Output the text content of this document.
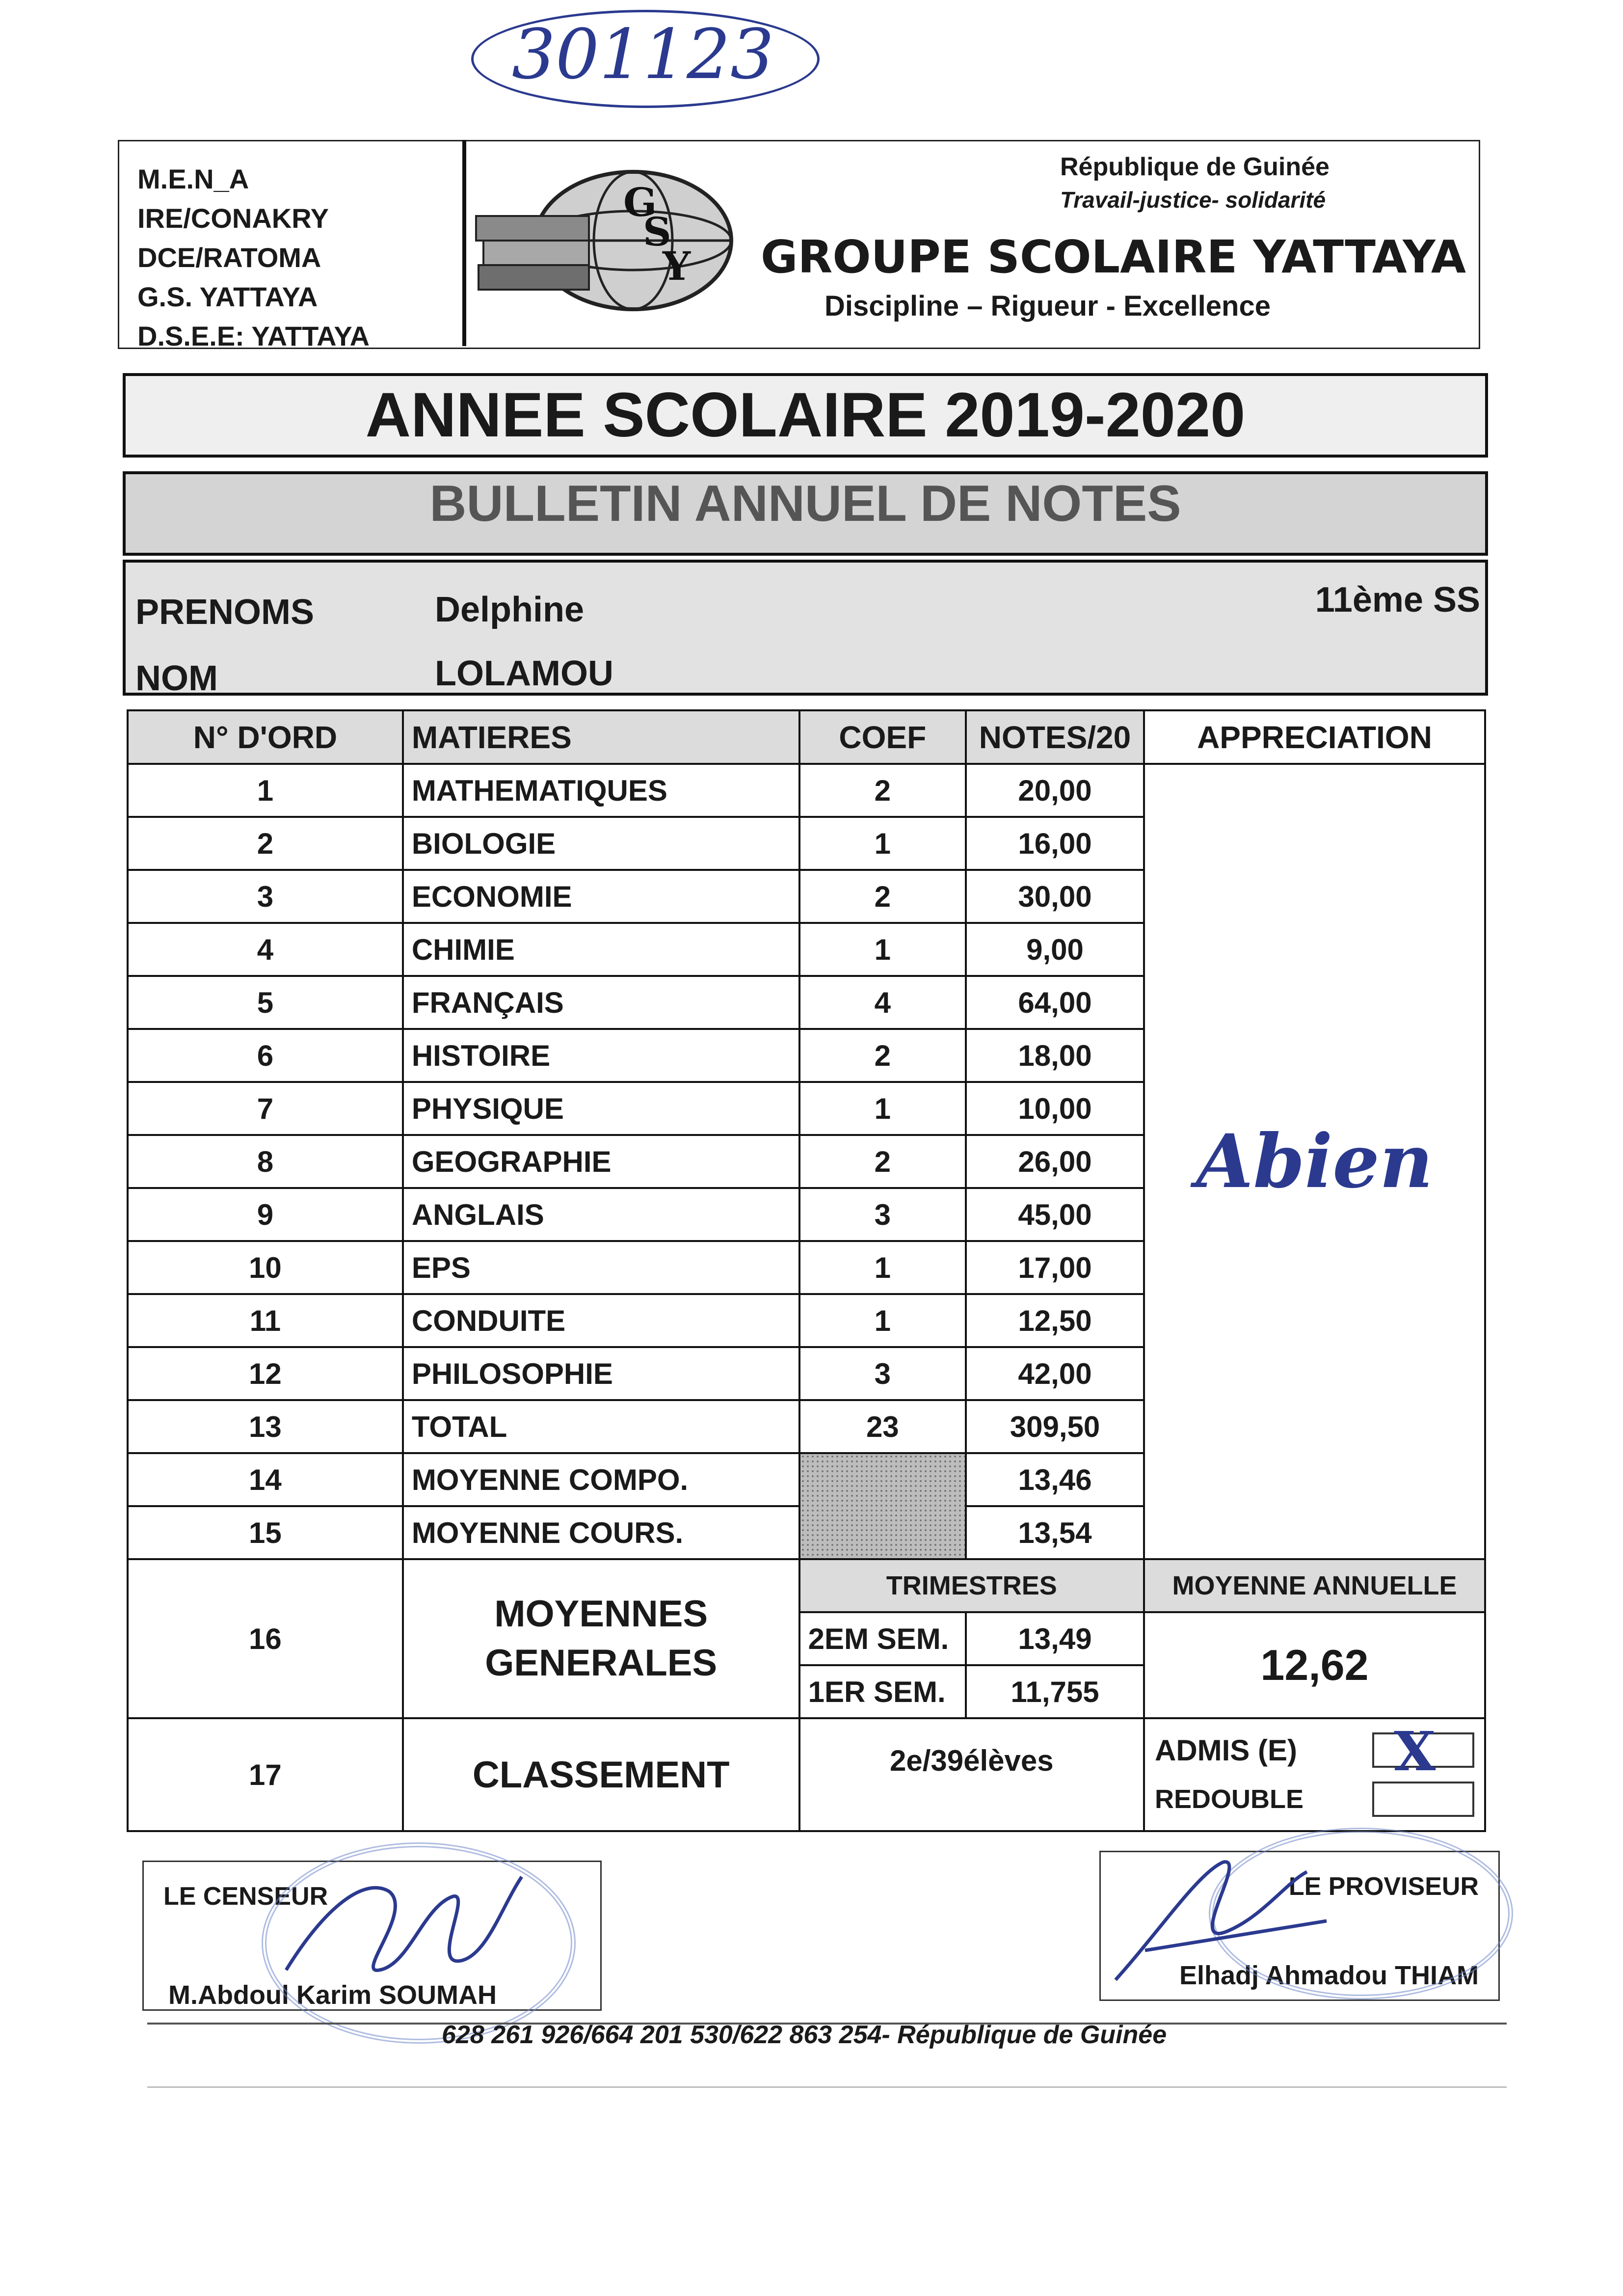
301123
M.E.N_A
IRE/CONAKRY
DCE/RATOMA
G.S. YATTAYA
D.S.E.E: YATTAYA
G
S
Y
République de Guinée
Travail-justice- solidarité
GROUPE SCOLAIRE YATTAYA
Discipline – Rigueur - Excellence
ANNEE SCOLAIRE 2019-2020
BULLETIN ANNUEL DE NOTES
PRENOMS	Delphine
NOM	LOLAMOU
11ème SS
N° D'ORD	MATIERES	COEF	NOTES/20	APPRECIATION
1	MATHEMATIQUES	2	20,00	Abien
2	BIOLOGIE	1	16,00	
3	ECONOMIE	2	30,00	
4	CHIMIE	1	9,00	
5	FRANÇAIS	4	64,00	
6	HISTOIRE	2	18,00	
7	PHYSIQUE	1	10,00	
8	GEOGRAPHIE	2	26,00	
9	ANGLAIS	3	45,00	
10	EPS	1	17,00	
11	CONDUITE	1	12,50	
12	PHILOSOPHIE	3	42,00	
13	TOTAL	23	309,50	
14	MOYENNE COMPO.		13,46	
15	MOYENNE COURS.		13,54	
16	MOYENNES GENERALES	TRIMESTRES		MOYENNE ANNUELLE
		2EM SEM.	13,49	12,62
		1ER SEM.	11,755	
17	CLASSEMENT	2e/39élèves		ADMIS (E) X
REDOUBLE
LE CENSEUR
M.Abdoul Karim SOUMAH
LE PROVISEUR
Elhadj Ahmadou THIAM
628 261 926/664 201 530/622 863 254- République de Guinée
